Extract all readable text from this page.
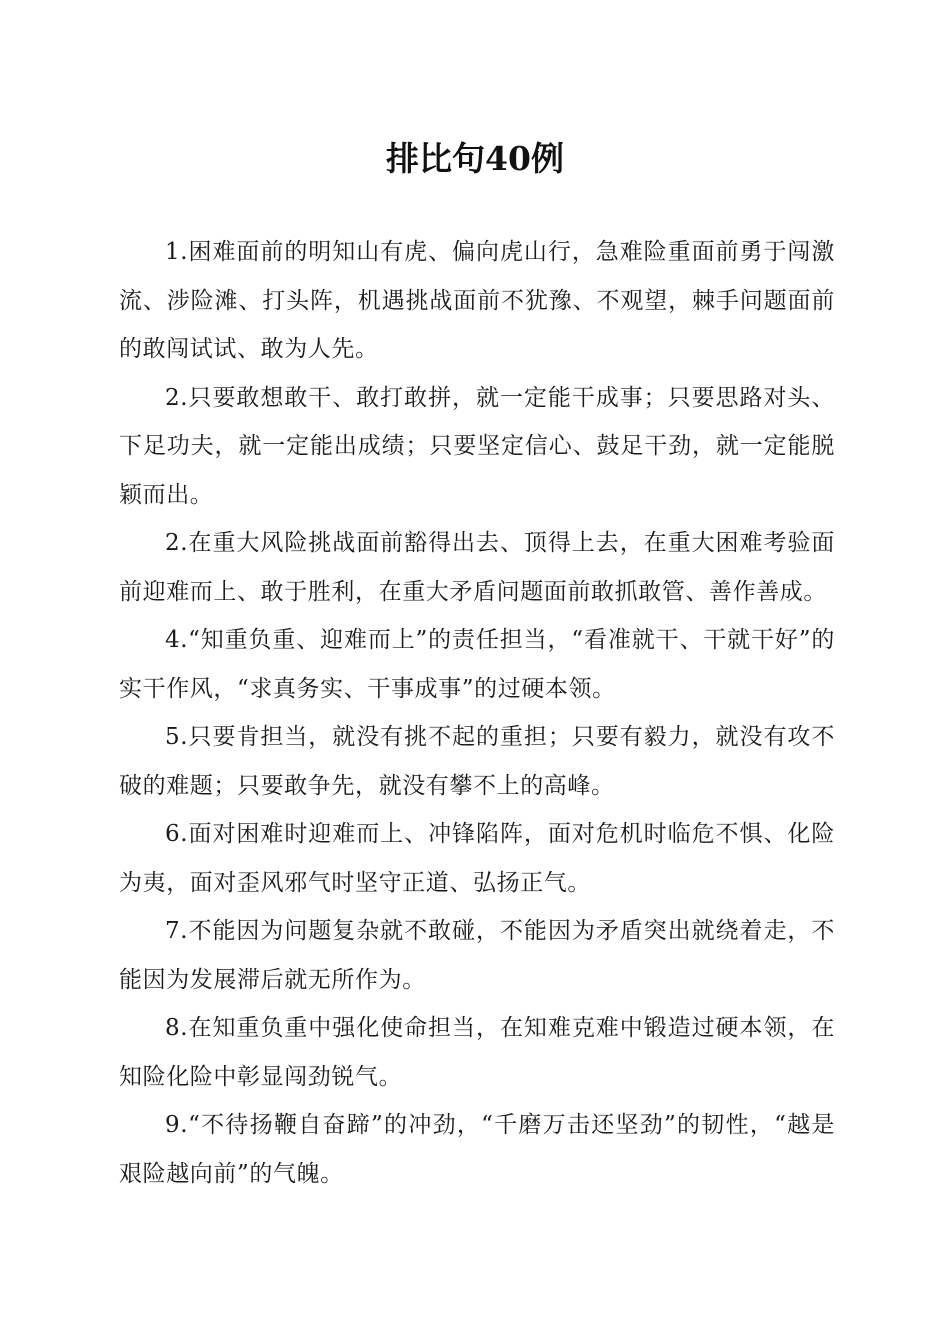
排比句40例

1.困难面前的明知山有虎、偏向虎山行，急难险重面前勇于闯激流、涉险滩、打头阵，机遇挑战面前不犹豫、不观望，棘手问题面前的敢闯试试、敢为人先。

2.只要敢想敢干、敢打敢拼，就一定能干成事；只要思路对头、下足功夫，就一定能出成绩；只要坚定信心、鼓足干劲，就一定能脱颖而出。

2.在重大风险挑战面前豁得出去、顶得上去，在重大困难考验面前迎难而上、敢于胜利，在重大矛盾问题面前敢抓敢管、善作善成。

4.“知重负重、迎难而上”的责任担当，“看准就干、干就干好”的实干作风，“求真务实、干事成事”的过硬本领。

5.只要肯担当，就没有挑不起的重担；只要有毅力，就没有攻不破的难题；只要敢争先，就没有攀不上的高峰。

6.面对困难时迎难而上、冲锋陷阵，面对危机时临危不惧、化险为夷，面对歪风邪气时坚守正道、弘扬正气。

7.不能因为问题复杂就不敢碰，不能因为矛盾突出就绕着走，不能因为发展滞后就无所作为。

8.在知重负重中强化使命担当，在知难克难中锻造过硬本领，在知险化险中彰显闯劲锐气。

9.“不待扬鞭自奋蹄”的冲劲，“千磨万击还坚劲”的韧性，“越是艰险越向前”的气魄。
